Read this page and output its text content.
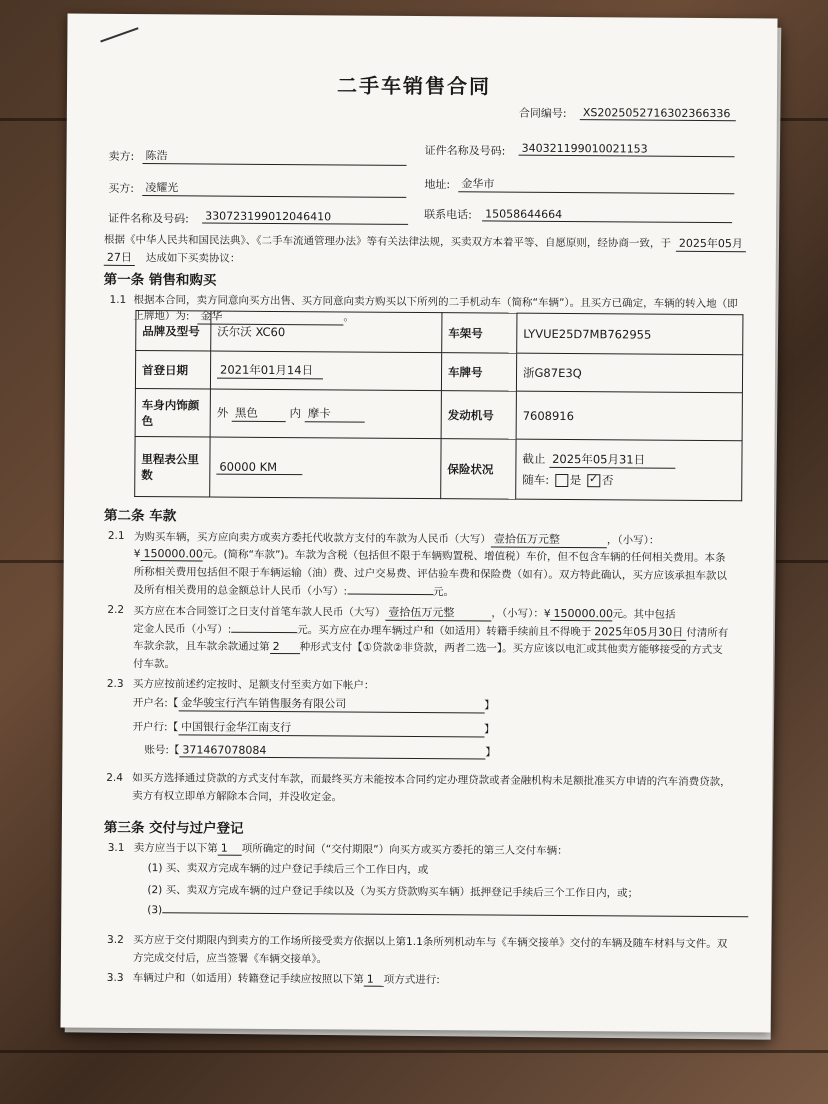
二手车销售合同
合同编号: XS2025052716302366336
卖方: 陈浩	证件名称及号码: 340321199010021153
买方: 凌耀光	地址: 金华市
证件名称及号码: 330723199012046410	联系电话: 15058644664
根据《中华人民共和国民法典》、《二手车流通管理办法》等有关法律法规，买卖双方本着平等、自愿原则，经协商一致，于 2025年05月
27日 达成如下买卖协议：
第一条 销售和购买
1.1 根据本合同，卖方同意向买方出售、买方同意向卖方购买以下所列的二手机动车（简称“车辆”）。且买方已确定，车辆的转入地（即
上牌地）为: 金华	。
品牌及型号	沃尔沃 XC60	车架号	LYVUE25D7MB762955
首登日期	2021年01月14日	车牌号	浙G87E3Q
车身内饰颜色	外 黑色 内 摩卡	发动机号	7608916
里程表公里数	60000 KM	保险状况	截止 2025年05月31日
随车: 是 ✓ 否
第二条 车款
2.1 为购买车辆，买方应向卖方或卖方委托代收款方支付的车款为人民币（大写） 壹拾伍万元整	，（小写）：
¥ 150000.00元。(简称“车款”)。车款为含税（包括但不限于车辆购置税、增值税）车价，但不包含车辆的任何相关费用。本条
所称相关费用包括但不限于车辆运输（油）费、过户交易费、评估验车费和保险费（如有）。双方特此确认，买方应该承担车款以
及所有相关费用的总金额总计人民币（小写）:	元。
2.2 买方应在本合同签订之日支付首笔车款人民币（大写） 壹拾伍万元整	，（小写）：¥ 150000.00元。其中包括
定金人民币（小写）:	元。买方应在办理车辆过户和（如适用）转籍手续前且不得晚于 2025年05月30日 付清所有
车款余款，且车款余款通过第 2 种形式支付【①贷款②非贷款，两者二选一】。买方应该以电汇或其他卖方能够接受的方式支
付车款。
2.3 买方应按前述约定按时、足额支付至卖方如下帐户：
开户名:【 金华骏宝行汽车销售服务有限公司	】
开户行:【 中国银行金华江南支行	】
账号:【 371467078084	】
2.4 如买方选择通过贷款的方式支付车款，而最终买方未能按本合同约定办理贷款或者金融机构未足额批准买方申请的汽车消费贷款，
卖方有权立即单方解除本合同，并没收定金。
第三条 交付与过户登记
3.1 卖方应当于以下第 1 项所确定的时间（“交付期限”）向买方或买方委托的第三人交付车辆：
(1) 买、卖双方完成车辆的过户登记手续后三个工作日内，或
(2) 买、卖双方完成车辆的过户登记手续以及（为买方贷款购买车辆）抵押登记手续后三个工作日内，或；
(3)
3.2 买方应于交付期限内到卖方的工作场所接受卖方依据以上第1.1条所列机动车与《车辆交接单》交付的车辆及随车材料与文件。双
方完成交付后，应当签署《车辆交接单》。
3.3 车辆过户和（如适用）转籍登记手续应按照以下第 1 项方式进行:
